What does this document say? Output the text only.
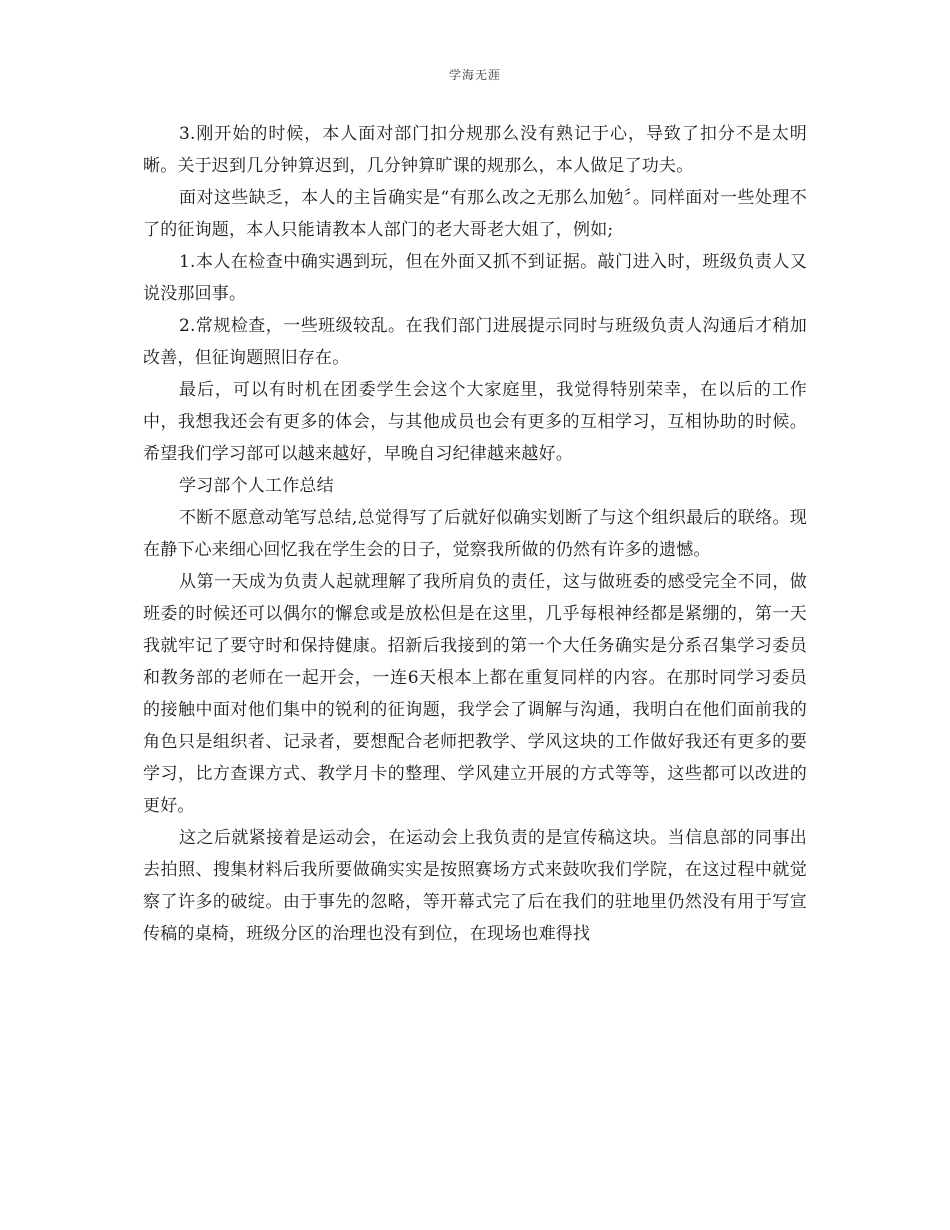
学海无涯

3.刚开始的时候，本人面对部门扣分规那么没有熟记于心，导致了扣分不是太明晰。关于迟到几分钟算迟到，几分钟算旷课的规那么，本人做足了功夫。

面对这些缺乏，本人的主旨确实是“有那么改之无那么加勉〞。同样面对一些处理不了的征询题，本人只能请教本人部门的老大哥老大姐了，例如;

1.本人在检查中确实遇到玩，但在外面又抓不到证据。敲门进入时，班级负责人又说没那回事。

2.常规检查，一些班级较乱。在我们部门进展提示同时与班级负责人沟通后才稍加改善，但征询题照旧存在。

最后，可以有时机在团委学生会这个大家庭里，我觉得特别荣幸，在以后的工作中，我想我还会有更多的体会，与其他成员也会有更多的互相学习，互相协助的时候。希望我们学习部可以越来越好，早晚自习纪律越来越好。

学习部个人工作总结

不断不愿意动笔写总结,总觉得写了后就好似确实划断了与这个组织最后的联络。现在静下心来细心回忆我在学生会的日子，觉察我所做的仍然有许多的遗憾。

从第一天成为负责人起就理解了我所肩负的责任，这与做班委的感受完全不同，做班委的时候还可以偶尔的懈怠或是放松但是在这里，几乎每根神经都是紧绷的，第一天我就牢记了要守时和保持健康。招新后我接到的第一个大任务确实是分系召集学习委员和教务部的老师在一起开会，一连6天根本上都在重复同样的内容。在那时同学习委员的接触中面对他们集中的锐利的征询题，我学会了调解与沟通，我明白在他们面前我的角色只是组织者、记录者，要想配合老师把教学、学风这块的工作做好我还有更多的要学习，比方查课方式、教学月卡的整理、学风建立开展的方式等等，这些都可以改进的更好。

这之后就紧接着是运动会，在运动会上我负责的是宣传稿这块。当信息部的同事出去拍照、搜集材料后我所要做确实实是按照赛场方式来鼓吹我们学院，在这过程中就觉察了许多的破绽。由于事先的忽略，等开幕式完了后在我们的驻地里仍然没有用于写宣传稿的桌椅，班级分区的治理也没有到位，在现场也难得找
